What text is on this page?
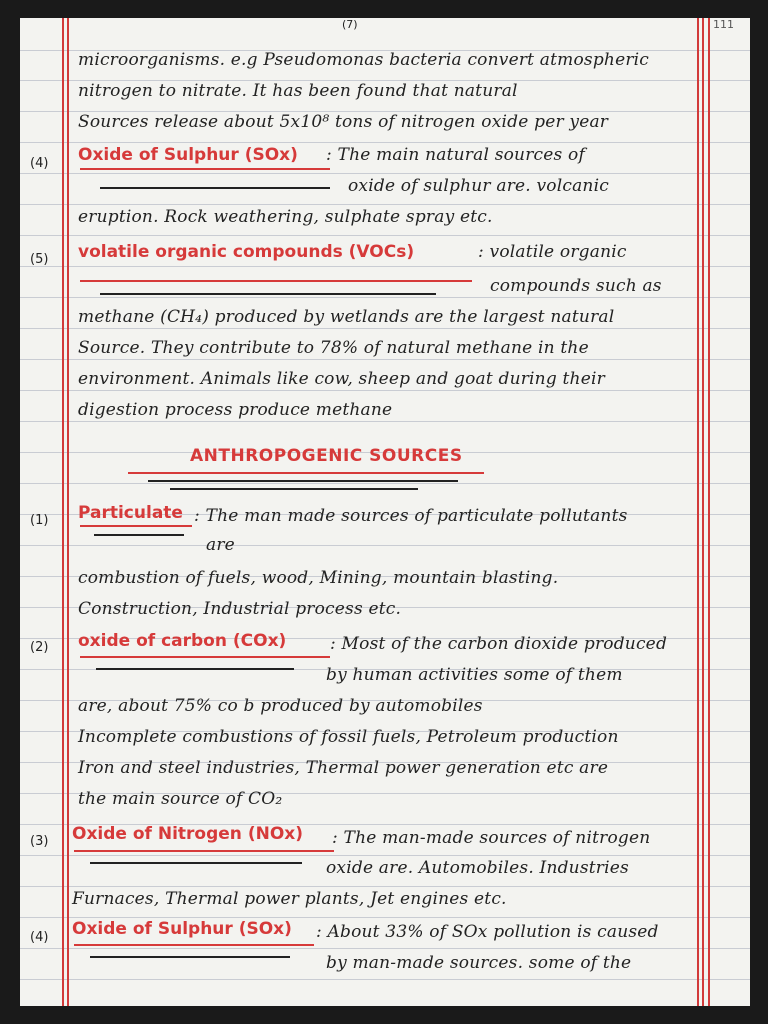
(7)	111
microorganisms. e.g Pseudomonas bacteria convert atmospheric
nitrogen to nitrate. It has been found that natural
Sources release about 5x10⁸ tons of nitrogen oxide per year
(4) Oxide of Sulphur (SOx) : The main natural sources of
oxide of sulphur are. volcanic
eruption. Rock weathering, sulphate spray etc.
(5) volatile organic compounds (VOCs)	: volatile organic
compounds such as
methane (CH₄) produced by wetlands are the largest natural
Source. They contribute to 78% of natural methane in the
environment. Animals like cow, sheep and goat during their
digestion process produce methane
ANTHROPOGENIC SOURCES
(1) Particulate : The man made sources of particulate pollutants
are
combustion of fuels, wood, Mining, mountain blasting.
Construction, Industrial process etc.
(2) oxide of carbon (COx)	: Most of the carbon dioxide produced
by human activities some of them
are, about 75% co b produced by automobiles
Incomplete combustions of fossil fuels, Petroleum production
Iron and steel industries, Thermal power generation etc are
the main source of CO₂
(3) Oxide of Nitrogen (NOx) : The man-made sources of nitrogen
oxide are. Automobiles. Industries
Furnaces, Thermal power plants, Jet engines etc.
(4) Oxide of Sulphur (SOx) : About 33% of SOx pollution is caused
by man-made sources. some of the
